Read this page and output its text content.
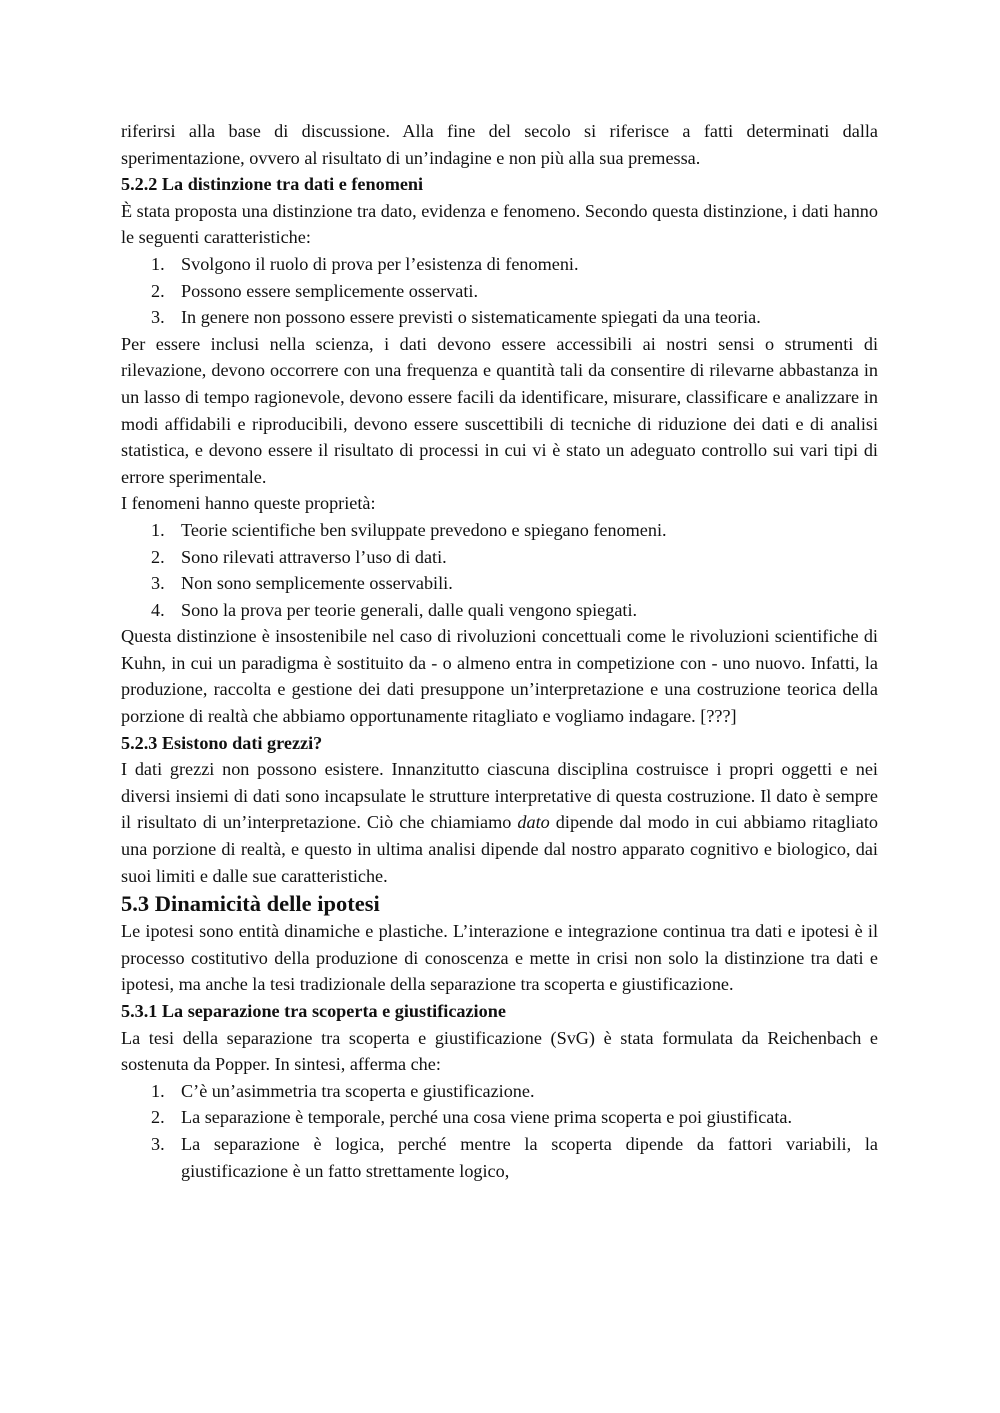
riferirsi alla base di discussione. Alla fine del secolo si riferisce a fatti determinati dalla sperimentazione, ovvero al risultato di un’indagine e non più alla sua premessa.

5.2.2 La distinzione tra dati e fenomeni

È stata proposta una distinzione tra dato, evidenza e fenomeno. Secondo questa distinzione, i dati hanno le seguenti caratteristiche:

1. Svolgono il ruolo di prova per l’esistenza di fenomeni.
2. Possono essere semplicemente osservati.
3. In genere non possono essere previsti o sistematicamente spiegati da una teoria.

Per essere inclusi nella scienza, i dati devono essere accessibili ai nostri sensi o strumenti di rilevazione, devono occorrere con una frequenza e quantità tali da consentire di rilevarne abbastanza in un lasso di tempo ragionevole, devono essere facili da identificare, misurare, classificare e analizzare in modi affidabili e riproducibili, devono essere suscettibili di tecniche di riduzione dei dati e di analisi statistica, e devono essere il risultato di processi in cui vi è stato un adeguato controllo sui vari tipi di errore sperimentale.

I fenomeni hanno queste proprietà:

1. Teorie scientifiche ben sviluppate prevedono e spiegano fenomeni.
2. Sono rilevati attraverso l’uso di dati.
3. Non sono semplicemente osservabili.
4. Sono la prova per teorie generali, dalle quali vengono spiegati.

Questa distinzione è insostenibile nel caso di rivoluzioni concettuali come le rivoluzioni scientifiche di Kuhn, in cui un paradigma è sostituito da - o almeno entra in competizione con - uno nuovo. Infatti, la produzione, raccolta e gestione dei dati presuppone un’interpretazione e una costruzione teorica della porzione di realtà che abbiamo opportunamente ritagliato e vogliamo indagare. [???]

5.2.3 Esistono dati grezzi?

I dati grezzi non possono esistere. Innanzitutto ciascuna disciplina costruisce i propri oggetti e nei diversi insiemi di dati sono incapsulate le strutture interpretative di questa costruzione. Il dato è sempre il risultato di un’interpretazione. Ciò che chiamiamo dato dipende dal modo in cui abbiamo ritagliato una porzione di realtà, e questo in ultima analisi dipende dal nostro apparato cognitivo e biologico, dai suoi limiti e dalle sue caratteristiche.

5.3 Dinamicità delle ipotesi

Le ipotesi sono entità dinamiche e plastiche. L’interazione e integrazione continua tra dati e ipotesi è il processo costitutivo della produzione di conoscenza e mette in crisi non solo la distinzione tra dati e ipotesi, ma anche la tesi tradizionale della separazione tra scoperta e giustificazione.

5.3.1 La separazione tra scoperta e giustificazione

La tesi della separazione tra scoperta e giustificazione (SvG) è stata formulata da Reichenbach e sostenuta da Popper. In sintesi, afferma che:

1. C’è un’asimmetria tra scoperta e giustificazione.
2. La separazione è temporale, perché una cosa viene prima scoperta e poi giustificata.
3. La separazione è logica, perché mentre la scoperta dipende da fattori variabili, la giustificazione è un fatto strettamente logico,
